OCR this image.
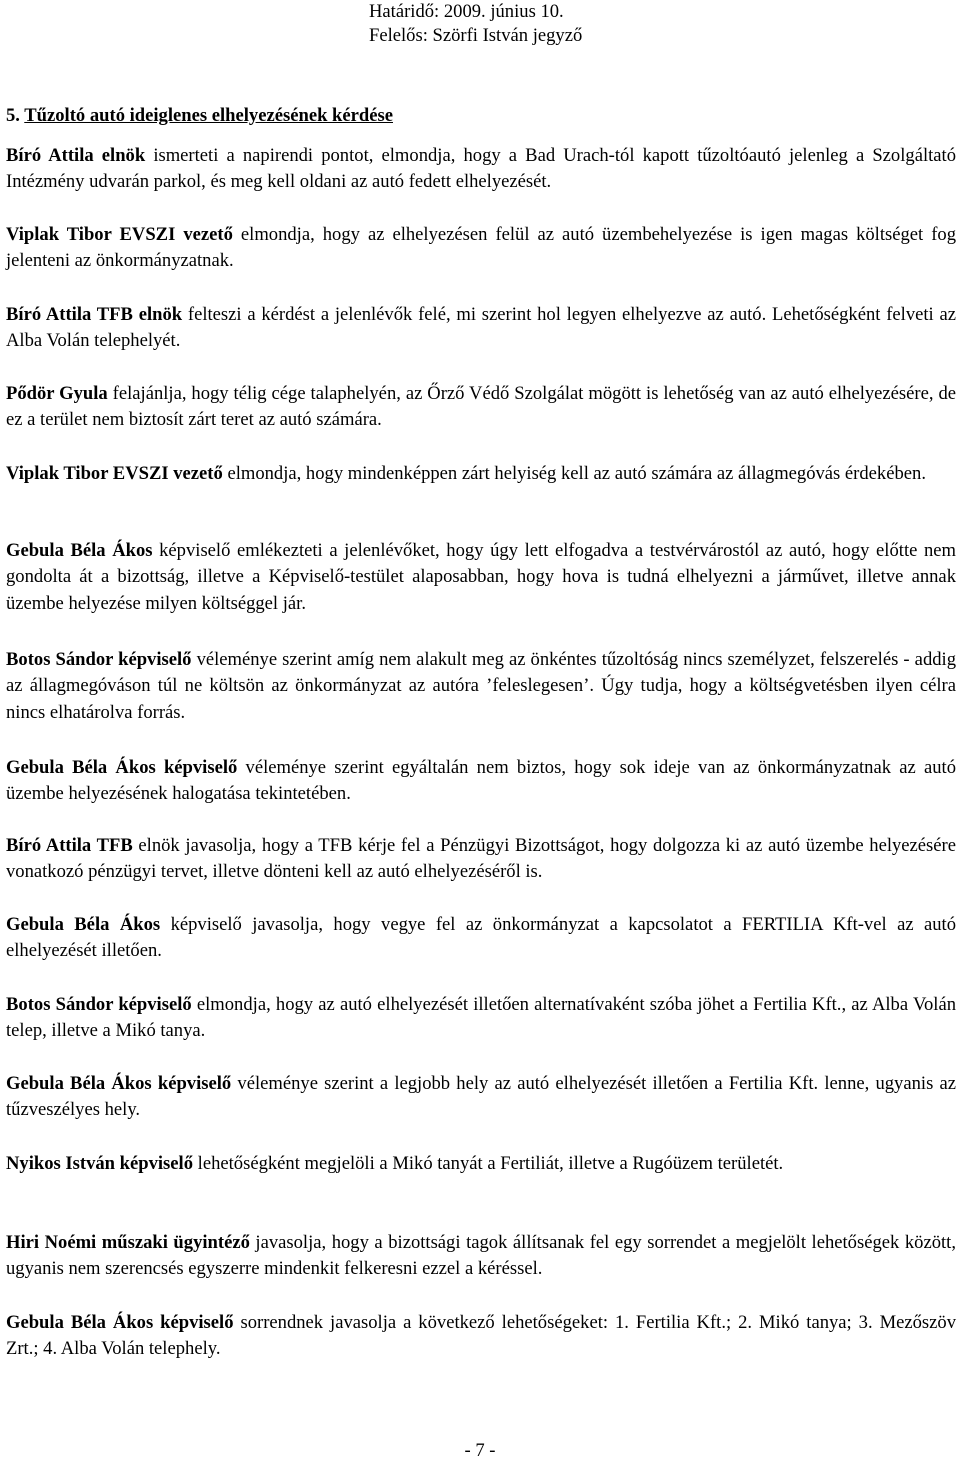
Határidő: 2009. június 10.
Felelős: Szörfi István jegyző
5. Tűzoltó autó ideiglenes elhelyezésének kérdése

Bíró Attila elnök ismerteti a napirendi pontot, elmondja, hogy a Bad Urach-tól kapott tűzoltóautó jelenleg a Szolgáltató Intézmény udvarán parkol, és meg kell oldani az autó fedett elhelyezését.

Viplak Tibor EVSZI vezető elmondja, hogy az elhelyezésen felül az autó üzembehelyezése is igen magas költséget fog jelenteni az önkormányzatnak.

Bíró Attila TFB elnök felteszi a kérdést a jelenlévők felé, mi szerint hol legyen elhelyezve az autó. Lehetőségként felveti az Alba Volán telephelyét.

Pődör Gyula felajánlja, hogy télig cége talaphelyén, az Őrző Védő Szolgálat mögött is lehetőség van az autó elhelyezésére, de ez a terület nem biztosít zárt teret az autó számára.

Viplak Tibor EVSZI vezető elmondja, hogy mindenképpen zárt helyiség kell az autó számára az állagmegóvás érdekében.

Gebula Béla Ákos képviselő emlékezteti a jelenlévőket, hogy úgy lett elfogadva a testvérvárostól az autó, hogy előtte nem gondolta át a bizottság, illetve a Képviselő-testület alaposabban, hogy hova is tudná elhelyezni a járművet, illetve annak üzembe helyezése milyen költséggel jár.

Botos Sándor képviselő véleménye szerint amíg nem alakult meg az önkéntes tűzoltóság nincs személyzet, felszerelés - addig az állagmegóváson túl ne költsön az önkormányzat az autóra ’feleslegesen’. Úgy tudja, hogy a költségvetésben ilyen célra nincs elhatárolva forrás.

Gebula Béla Ákos képviselő véleménye szerint egyáltalán nem biztos, hogy sok ideje van az önkormányzatnak az autó üzembe helyezésének halogatása tekintetében.

Bíró Attila TFB elnök javasolja, hogy a TFB kérje fel a Pénzügyi Bizottságot, hogy dolgozza ki az autó üzembe helyezésére vonatkozó pénzügyi tervet, illetve dönteni kell az autó elhelyezéséről is.

Gebula Béla Ákos képviselő javasolja, hogy vegye fel az önkormányzat a kapcsolatot a FERTILIA Kft-vel az autó elhelyezését illetően.

Botos Sándor képviselő elmondja, hogy az autó elhelyezését illetően alternatívaként szóba jöhet a Fertilia Kft., az Alba Volán telep, illetve a Mikó tanya.

Gebula Béla Ákos képviselő véleménye szerint a legjobb hely az autó elhelyezését illetően a Fertilia Kft. lenne, ugyanis az tűzveszélyes hely.

Nyikos István képviselő lehetőségként megjelöli a Mikó tanyát a Fertiliát, illetve a Rugóüzem területét.

Hiri Noémi műszaki ügyintéző javasolja, hogy a bizottsági tagok állítsanak fel egy sorrendet a megjelölt lehetőségek között, ugyanis nem szerencsés egyszerre mindenkit felkeresni ezzel a kéréssel.

Gebula Béla Ákos képviselő sorrendnek javasolja a következő lehetőségeket: 1. Fertilia Kft.; 2. Mikó tanya; 3. Mezőszöv Zrt.; 4. Alba Volán telephely.

- 7 -
